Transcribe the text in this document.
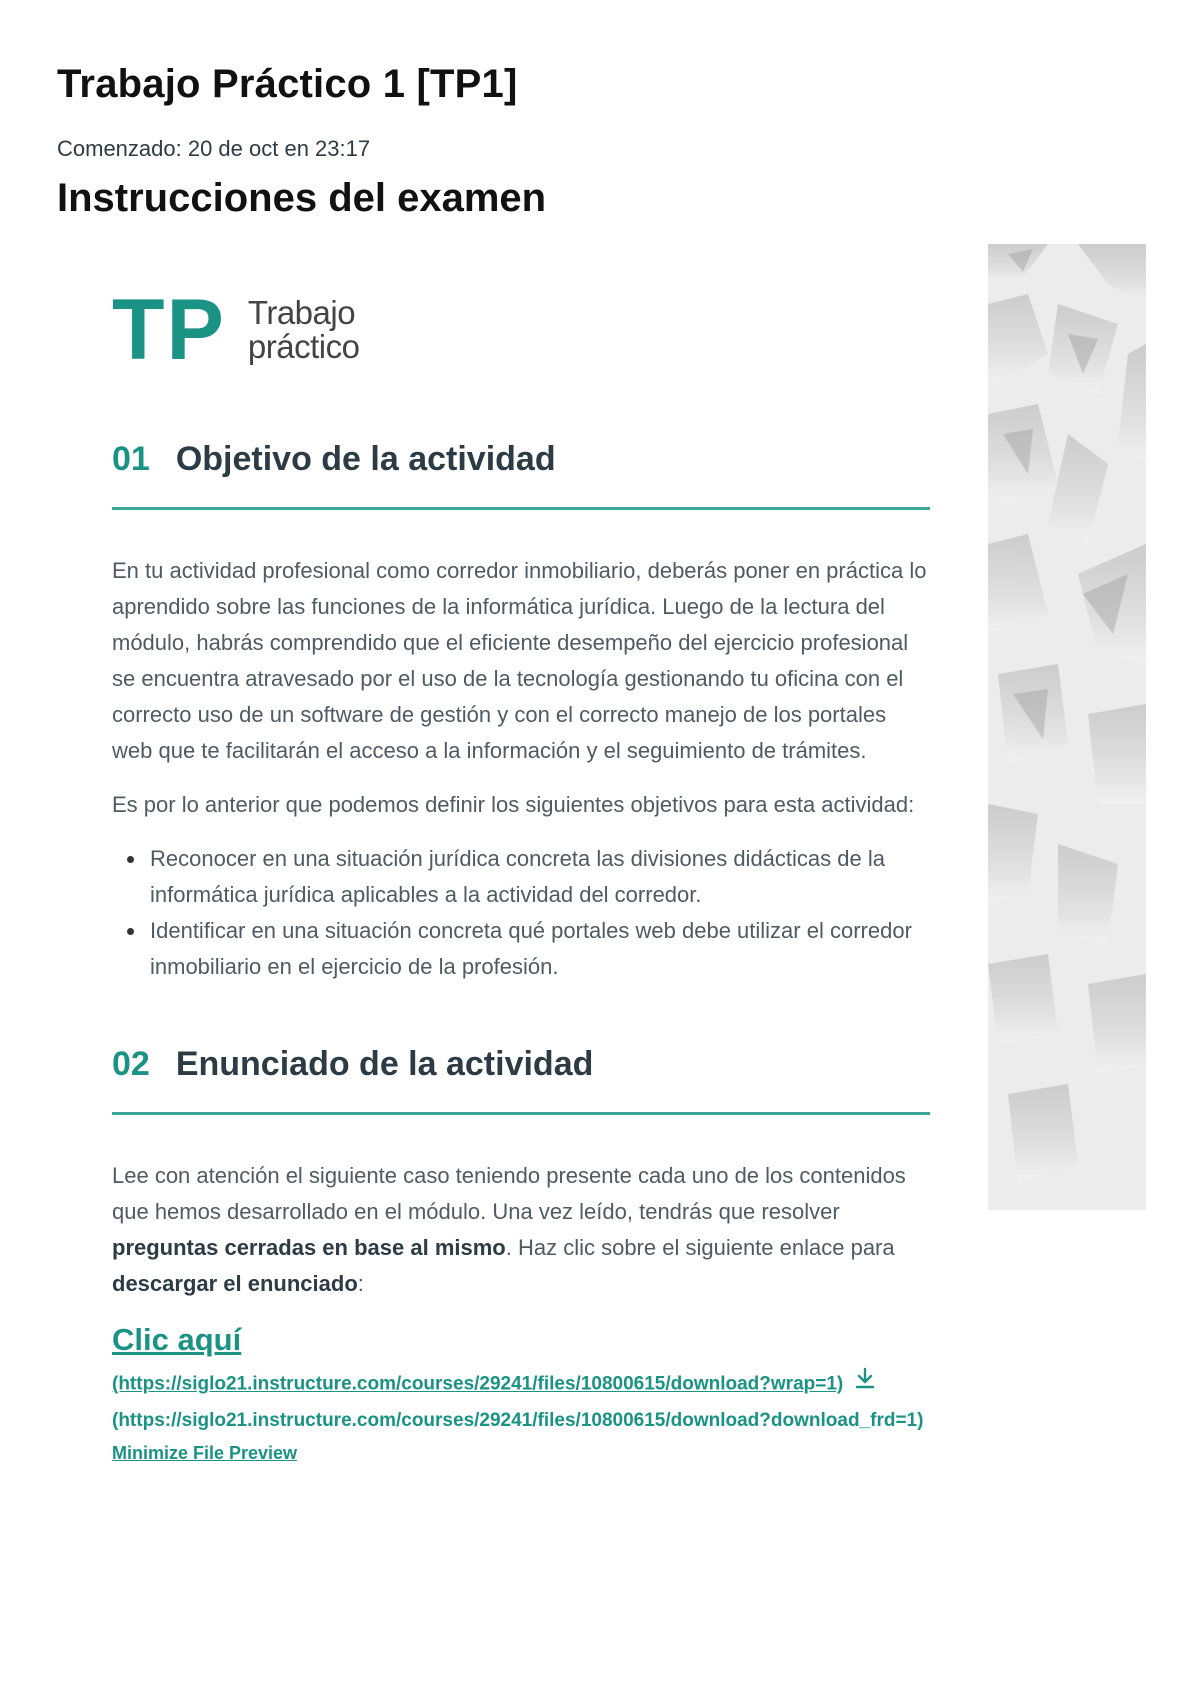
Trabajo Práctico 1 [TP1]
Comenzado: 20 de oct en 23:17
Instrucciones del examen
TP Trabajo
práctico
01 Objetivo de la actividad

En tu actividad profesional como corredor inmobiliario, deberás poner en práctica lo aprendido sobre las funciones de la informática jurídica. Luego de la lectura del módulo, habrás comprendido que el eficiente desempeño del ejercicio profesional se encuentra atravesado por el uso de la tecnología gestionando tu oficina con el correcto uso de un software de gestión y con el correcto manejo de los portales web que te facilitarán el acceso a la información y el seguimiento de trámites.

Es por lo anterior que podemos definir los siguientes objetivos para esta actividad:

Reconocer en una situación jurídica concreta las divisiones didácticas de la informática jurídica aplicables a la actividad del corredor.
Identificar en una situación concreta qué portales web debe utilizar el corredor inmobiliario en el ejercicio de la profesión.
02 Enunciado de la actividad

Lee con atención el siguiente caso teniendo presente cada uno de los contenidos que hemos desarrollado en el módulo. Una vez leído, tendrás que resolver preguntas cerradas en base al mismo. Haz clic sobre el siguiente enlace para descargar el enunciado:

Clic aquí

(https://siglo21.instructure.com/courses/29241/files/10800615/download?wrap=1)

(https://siglo21.instructure.com/courses/29241/files/10800615/download?download_frd=1)

Minimize File Preview
